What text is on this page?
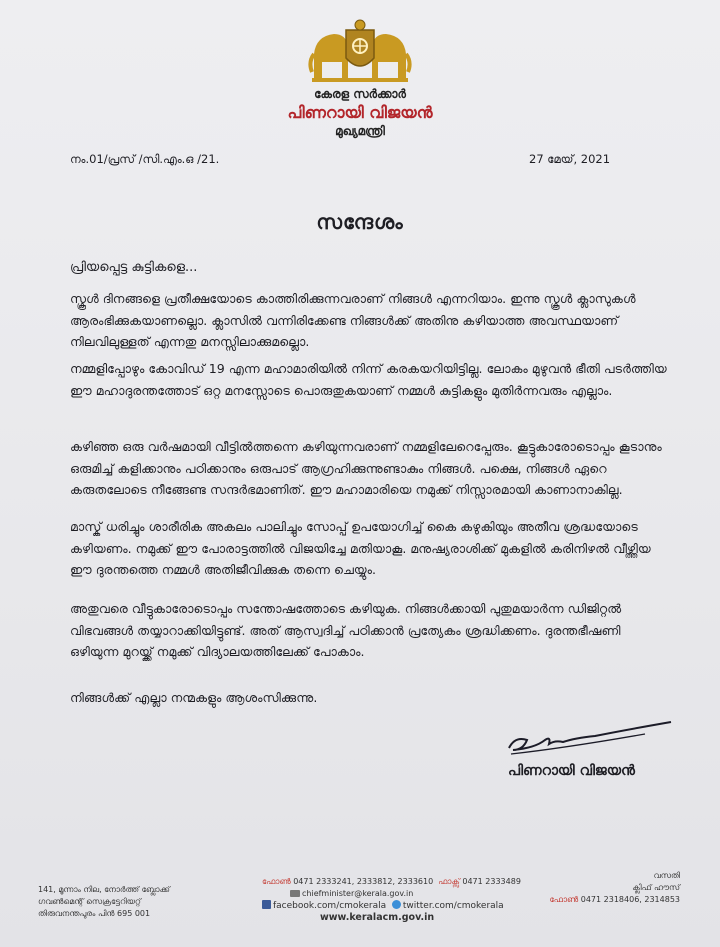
കേരള സർക്കാർ
പിണറായി വിജയൻ
മുഖ്യമന്ത്രി
നം.01/പ്രസ് /സി.എം.ഒ /21.	27 മേയ്, 2021
സന്ദേശം
പ്രിയപ്പെട്ട കുട്ടികളെ...
സ്കൂൾ ദിനങ്ങളെ പ്രതീക്ഷയോടെ കാത്തിരിക്കുന്നവരാണ് നിങ്ങൾ എന്നറിയാം. ഇന്നു സ്കൂൾ ക്ലാസുകൾ ആരംഭിക്കുകയാണല്ലൊ. ക്ലാസിൽ വന്നിരിക്കേണ്ട നിങ്ങൾക്ക് അതിനു കഴിയാത്ത അവസ്ഥയാണ് നിലവിലുള്ളത് എന്നതു മനസ്സിലാക്കുമല്ലൊ.
നമ്മളിപ്പോഴും കോവിഡ് 19 എന്ന മഹാമാരിയിൽ നിന്ന് കരകയറിയിട്ടില്ല. ലോകം മുഴുവൻ ഭീതി പടർത്തിയ ഈ മഹാദുരന്തത്തോട് ഒറ്റ മനസ്സോടെ പൊരുതുകയാണ് നമ്മൾ കുട്ടികളും മുതിർന്നവരും എല്ലാം.
കഴിഞ്ഞ ഒരു വർഷമായി വീട്ടിൽത്തന്നെ കഴിയുന്നവരാണ് നമ്മളിലേറെപ്പേരും. കൂട്ടുകാരോടൊപ്പം കൂടാനും ഒരുമിച്ച് കളിക്കാനും പഠിക്കാനും ഒരുപാട് ആഗ്രഹിക്കുന്നുണ്ടാകും നിങ്ങൾ. പക്ഷെ, നിങ്ങൾ ഏറെ കരുതലോടെ നീങ്ങേണ്ട സന്ദർഭമാണിത്. ഈ മഹാമാരിയെ നമുക്ക് നിസ്സാരമായി കാണാനാകില്ല.
മാസ്ക് ധരിച്ചും ശാരീരിക അകലം പാലിച്ചും സോപ്പ് ഉപയോഗിച്ച് കൈ കഴുകിയും അതീവ ശ്രദ്ധയോടെ കഴിയണം. നമുക്ക് ഈ പോരാട്ടത്തിൽ വിജയിച്ചേ മതിയാകൂ. മനുഷ്യരാശിക്ക് മുകളിൽ കരിനിഴൽ വീഴ്ത്തിയ ഈ ദുരന്തത്തെ നമ്മൾ അതിജീവിക്കുക തന്നെ ചെയ്യും.
അതുവരെ വീട്ടുകാരോടൊപ്പം സന്തോഷത്തോടെ കഴിയുക. നിങ്ങൾക്കായി പുതുമയാർന്ന ഡിജിറ്റൽ വിഭവങ്ങൾ തയ്യാറാക്കിയിട്ടുണ്ട്. അത് ആസ്വദിച്ച് പഠിക്കാൻ പ്രത്യേകം ശ്രദ്ധിക്കണം. ദുരന്തഭീഷണി ഒഴിയുന്ന മുറയ്ക്ക് നമുക്ക് വിദ്യാലയത്തിലേക്ക് പോകാം.
നിങ്ങൾക്ക് എല്ലാ നന്മകളും ആശംസിക്കുന്നു.
പിണറായി വിജയൻ
141, മൂന്നാം നില, നോർത്ത് ബ്ലോക്ക്
ഗവൺമെന്റ് സെക്രട്ടേറിയറ്റ്
തിരുവനന്തപുരം പിൻ 695 001
ഫോൺ 0471 2333241, 2333812, 2333610 ഫാക്സ് 0471 2333489
chiefminister@kerala.gov.in
facebook.com/cmokerala twitter.com/cmokerala
www.keralacm.gov.in
വസതി
ക്ലിഫ് ഹൗസ്
ഫോൺ 0471 2318406, 2314853
